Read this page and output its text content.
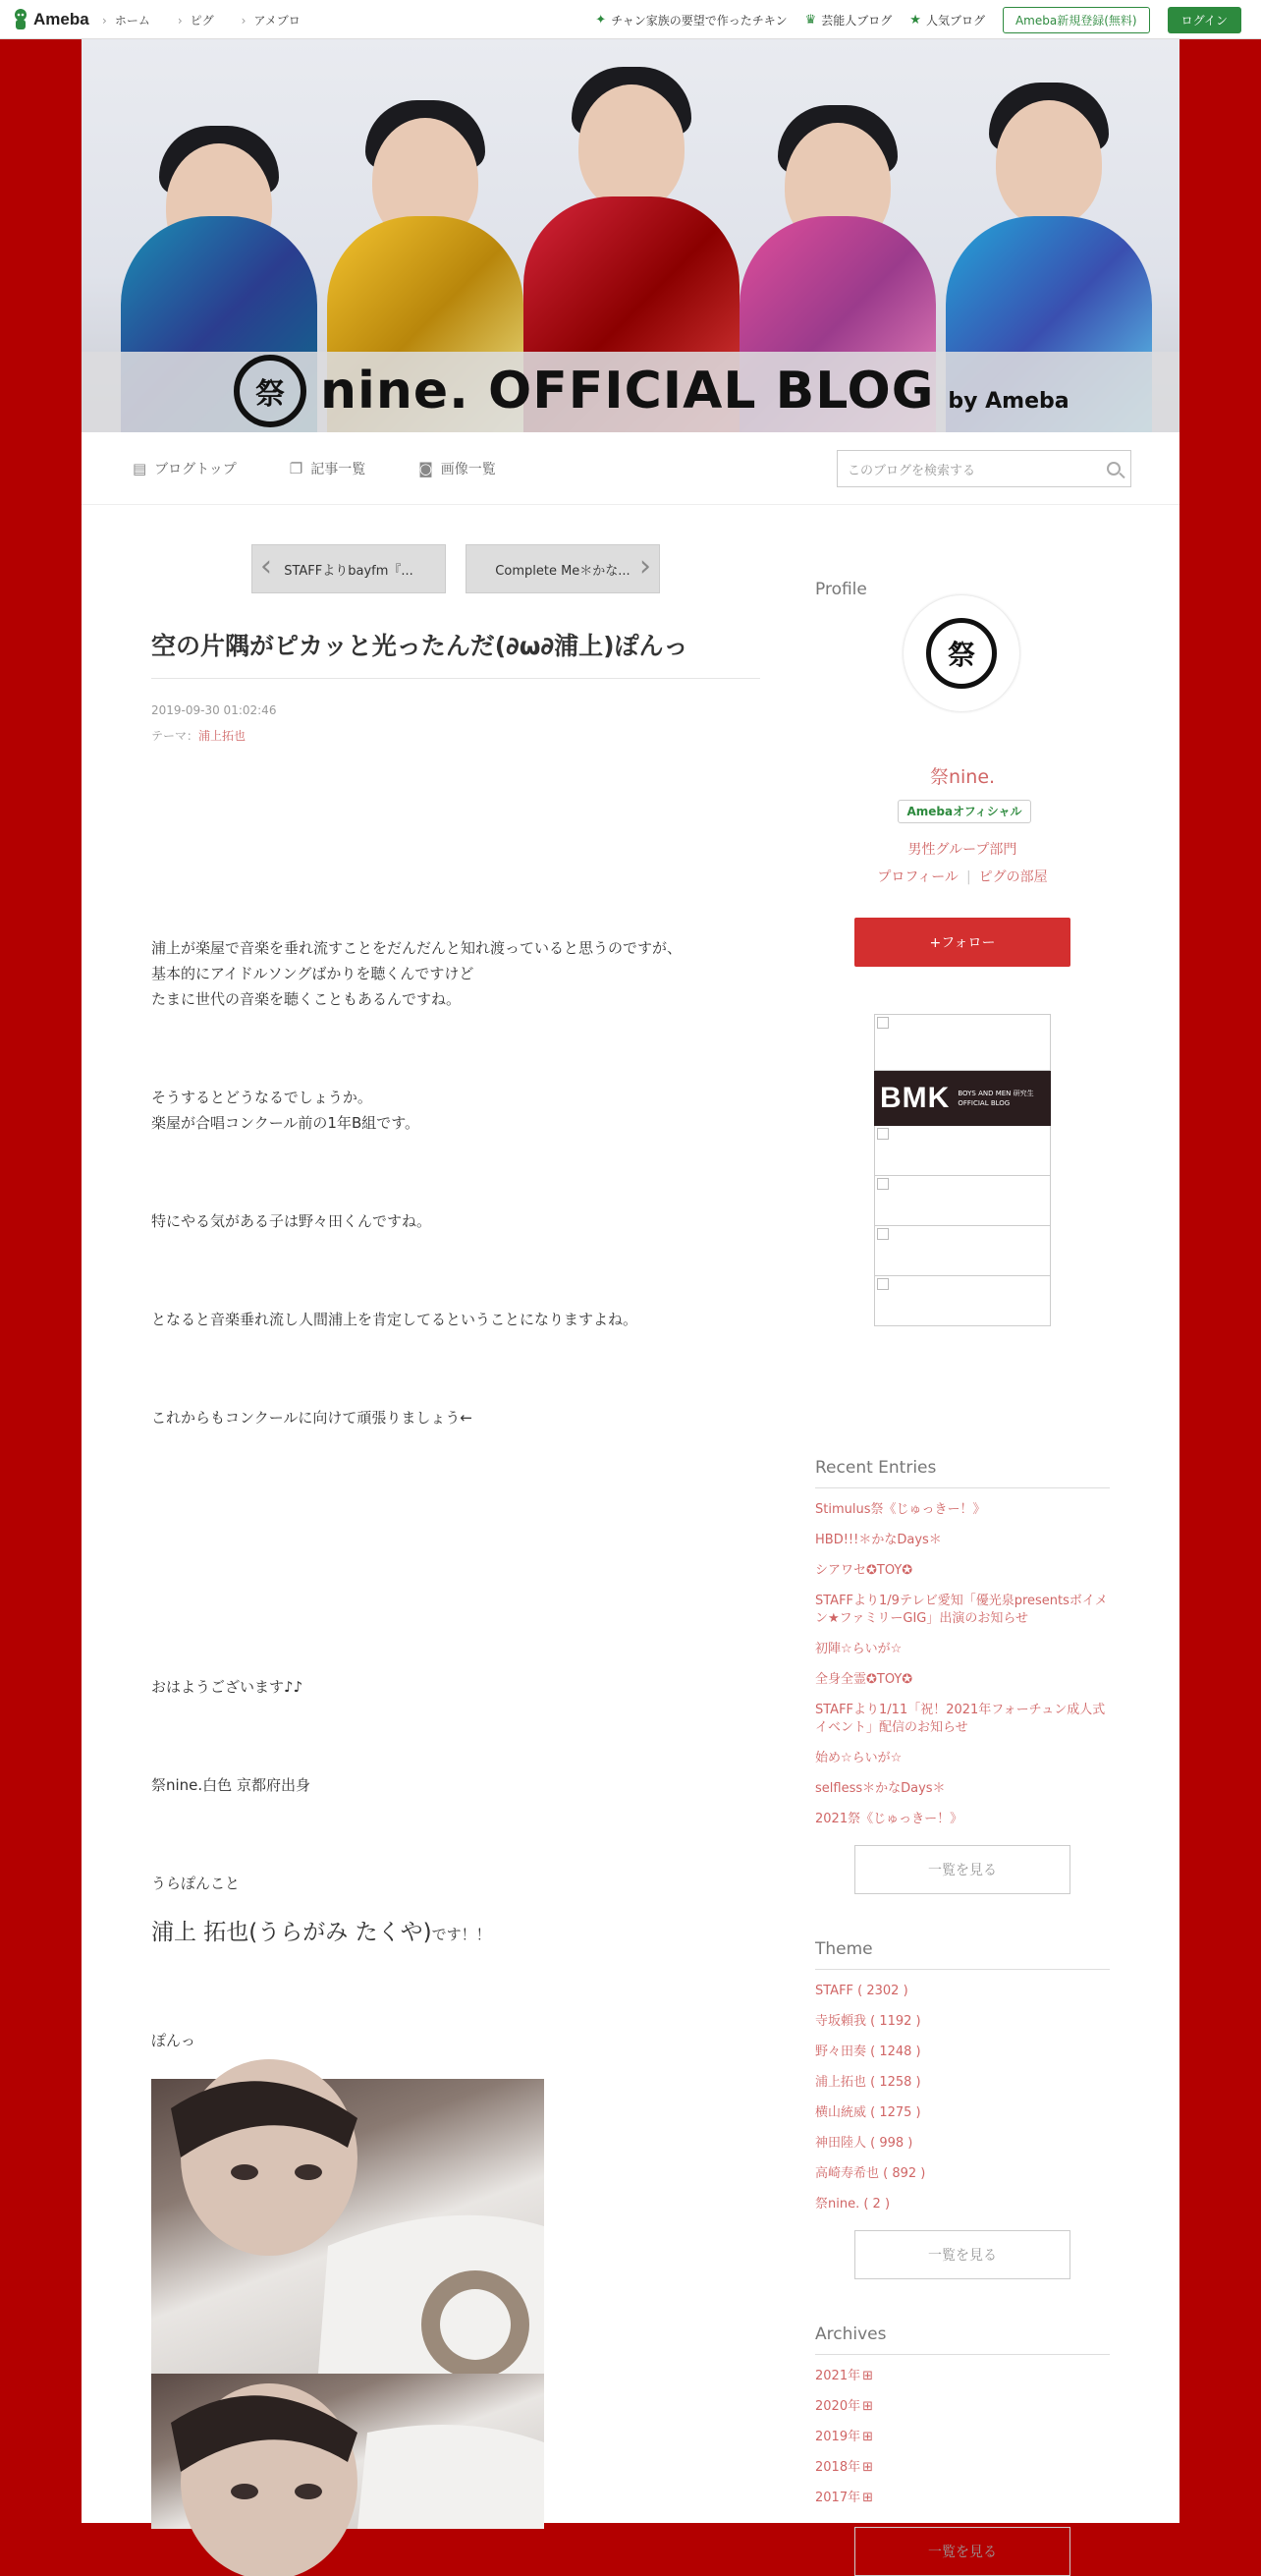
Ameba	› ホーム	› ピグ	› アメブロ	✦ チャン家族の要望で作ったチキン ♛ 芸能人ブログ ★ 人気ブログ	Ameba新規登録(無料)	ログイン
祭 nine. OFFICIAL BLOG by Ameba
▤ ブログトップ	❐ 記事一覧	◙ 画像一覧	このブログを検索する
‹ STAFFよりbayfm『...	Complete Me＊かな... ›
空の片隅がピカッと光ったんだ(∂ω∂浦上)ぽんっ
2019-09-30 01:02:46
テーマ：浦上拓也
浦上が楽屋で音楽を垂れ流すことをだんだんと知れ渡っていると思うのですが、
基本的にアイドルソングばかりを聴くんですけど
たまに世代の音楽を聴くこともあるんですね。
そうするとどうなるでしょうか。
楽屋が合唱コンクール前の1年B組です。
特にやる気がある子は野々田くんですね。
となると音楽垂れ流し人間浦上を肯定してるということになりますよね。
これからもコンクールに向けて頑張りましょう←
おはようございます♪♪
祭nine.白色 京都府出身
うらぽんこと
浦上 拓也(うらがみ たくや)です！！
ぽんっ
Profile
祭
祭nine.
Amebaオフィシャル
男性グループ部門
プロフィール | ピグの部屋
+フォロー
BMK BOYS AND MEN 研究生
OFFICIAL BLOG
Recent Entries
Stimulus祭《じゅっきー！》
HBD!!!＊かなDays＊
シアワセ✪TOY✪
STAFFより1/9テレビ愛知「優光泉presentsボイメン★ファミリーGIG」出演のお知らせ
初陣☆らいが☆
全身全霊✪TOY✪
STAFFより1/11「祝！2021年フォーチュン成人式イベント」配信のお知らせ
始め☆らいが☆
selfless＊かなDays＊
2021祭《じゅっきー！》
一覧を見る
Theme
STAFF ( 2302 )
寺坂頼我 ( 1192 )
野々田奏 ( 1248 )
浦上拓也 ( 1258 )
横山統威 ( 1275 )
神田陸人 ( 998 )
高崎寿希也 ( 892 )
祭nine. ( 2 )
一覧を見る
Archives
2021年 ⊞
2020年 ⊞
2019年 ⊞
2018年 ⊞
2017年 ⊞
一覧を見る
